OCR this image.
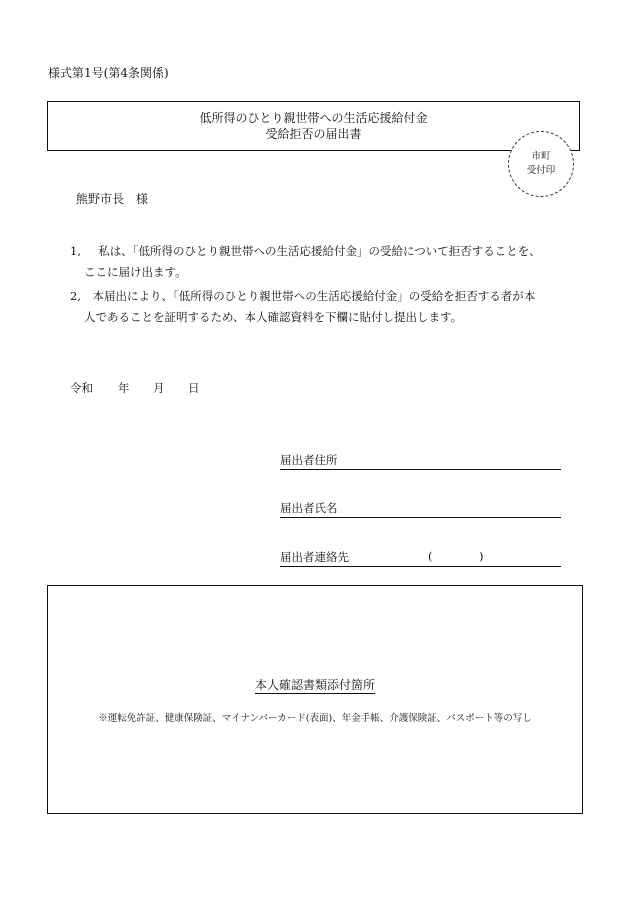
様式第1号(第4条関係)
低所得のひとり親世帯への生活応援給付金
受給拒否の届出書
市町
受付印
熊野市長　様
1,   私は、「低所得のひとり親世帯への生活応援給付金」の受給について拒否することを、
ここに届け出ます。
2,  本届出により、「低所得のひとり親世帯への生活応援給付金」の受給を拒否する者が本
人であることを証明するため、本人確認資料を下欄に貼付し提出します。
令和 年 月 日
届出者住所
届出者氏名
届出者連絡先	(	)
本人確認書類添付箇所
※運転免許証、健康保険証、マイナンバーカード(表面)、年金手帳、介護保険証、パスポート等の写し
